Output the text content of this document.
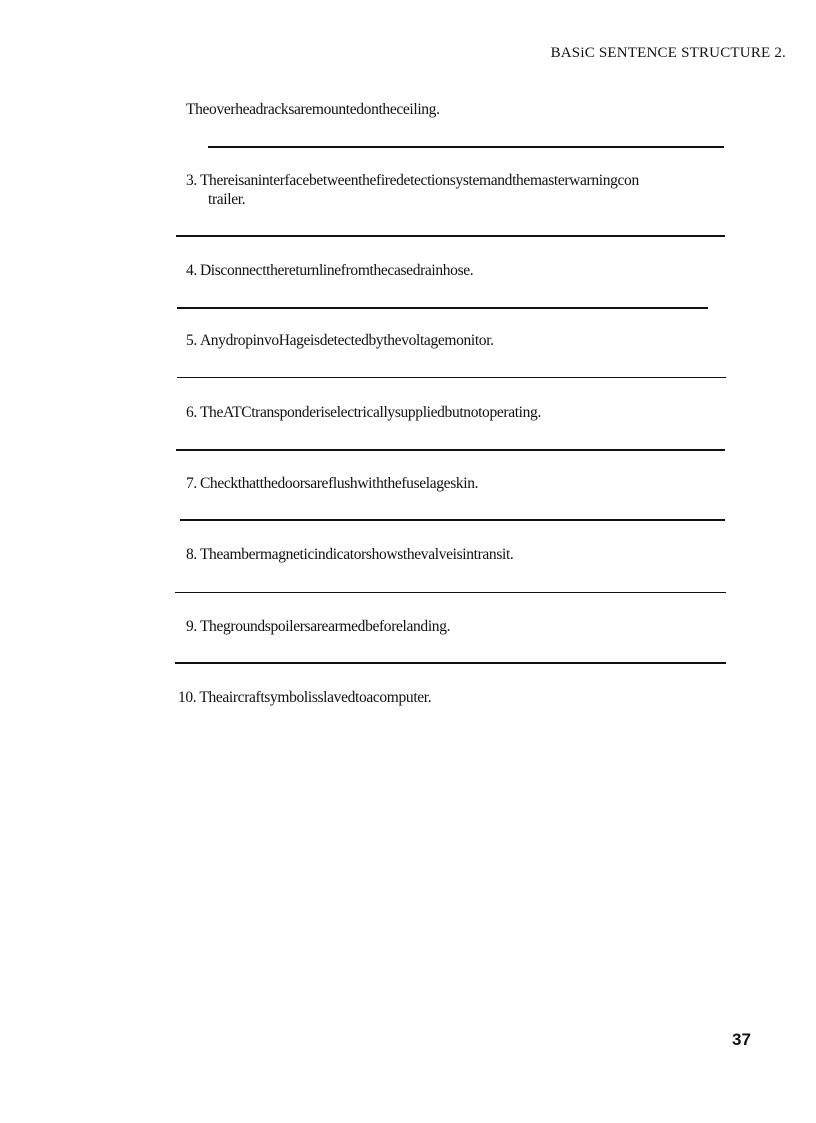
BASiC SENTENCE STRUCTURE 2.
Theoverheadracksaremountedontheceiling.
3. Thereisaninterfacebetweenthefiredetectionsystemandthemasterwarningcon
trailer.
4. Disconnectthereturnlinefromthecasedrainhose.
5. AnydropinvoHageisdetectedbythevoltagemonitor.
6. TheATCtransponderiselectricallysuppliedbutnotoperating.
7. Checkthatthedoorsareflushwiththefuselageskin.
8. Theambermagneticindicatorshowsthevalveisintransit.
9. Thegroundspoilersarearmedbeforelanding.
10. Theaircraftsymbolisslavedtoacomputer.
37
